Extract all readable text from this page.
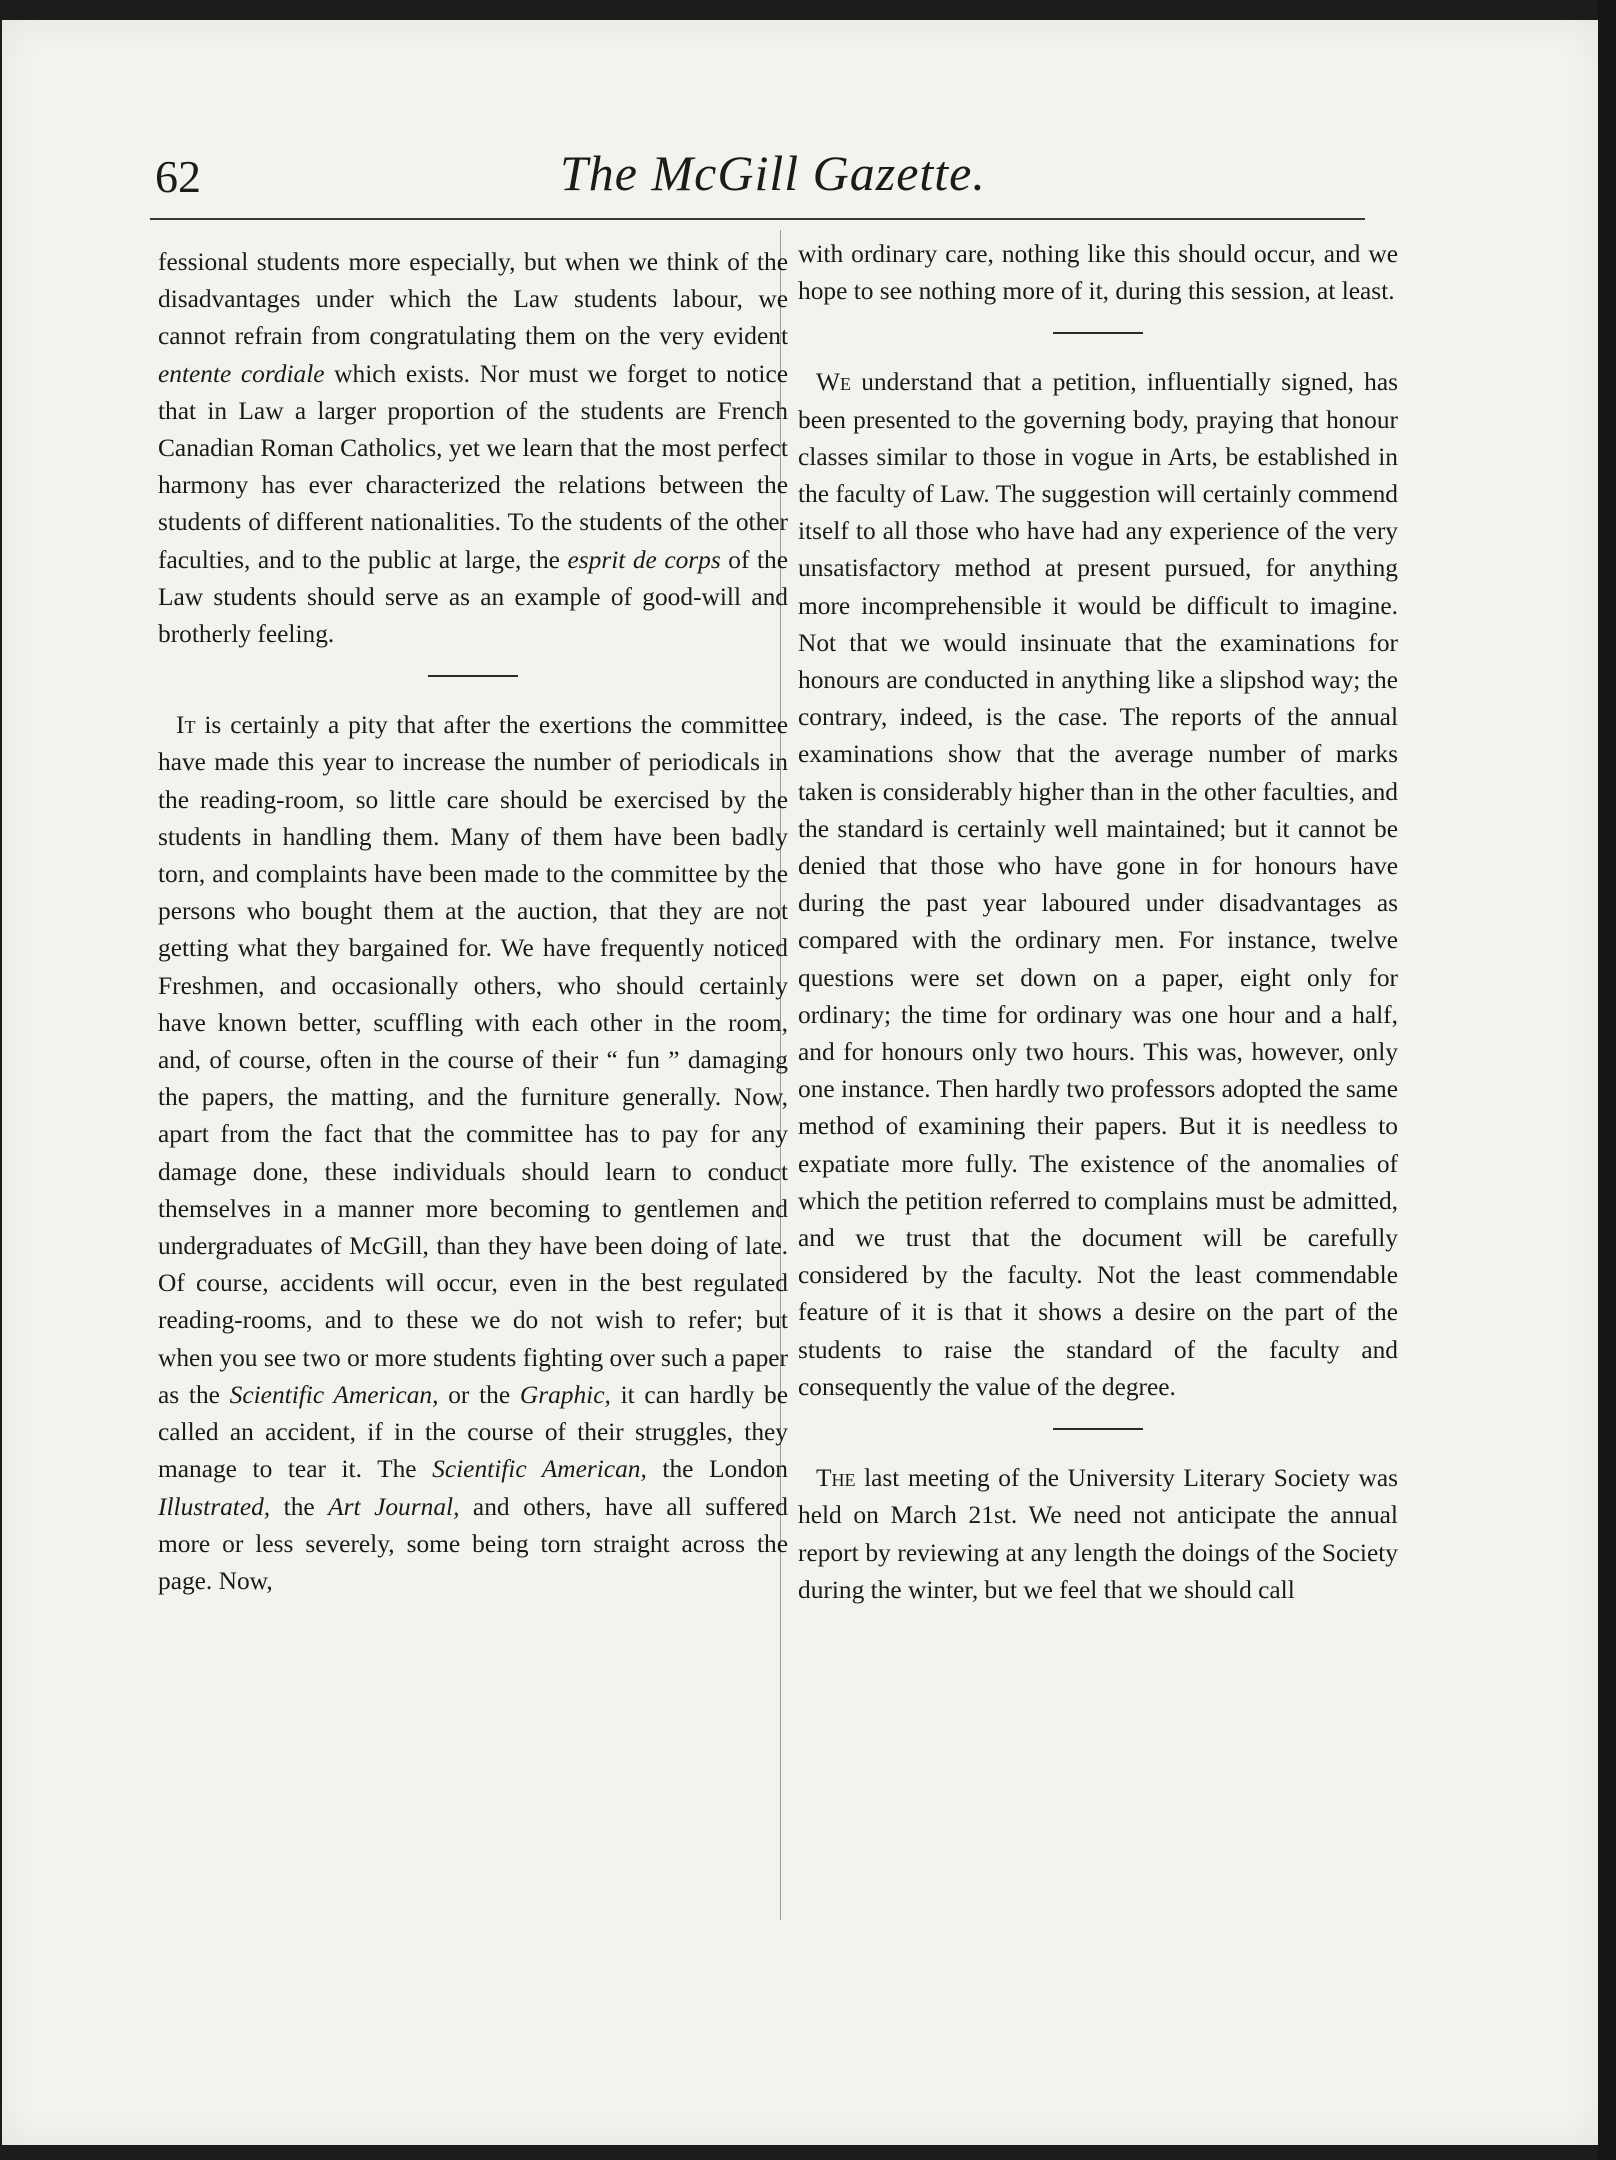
62	The McGill Gazette.

fessional students more especially, but when we think of the disadvantages under which the Law students labour, we cannot refrain from congratulating them on the very evident entente cordiale which exists. Nor must we forget to notice that in Law a larger proportion of the students are French Canadian Roman Catholics, yet we learn that the most perfect harmony has ever characterized the relations between the students of different nationalities. To the students of the other faculties, and to the public at large, the esprit de corps of the Law students should serve as an example of good-will and brotherly feeling.

It is certainly a pity that after the exertions the committee have made this year to increase the number of periodicals in the reading-room, so little care should be exercised by the students in handling them. Many of them have been badly torn, and complaints have been made to the committee by the persons who bought them at the auction, that they are not getting what they bargained for. We have frequently noticed Freshmen, and occasionally others, who should certainly have known better, scuffling with each other in the room, and, of course, often in the course of their “ fun ” damaging the papers, the matting, and the furniture generally. Now, apart from the fact that the committee has to pay for any damage done, these individuals should learn to conduct themselves in a manner more becoming to gentlemen and undergraduates of McGill, than they have been doing of late. Of course, accidents will occur, even in the best regulated reading-rooms, and to these we do not wish to refer; but when you see two or more students fighting over such a paper as the Scientific American, or the Graphic, it can hardly be called an accident, if in the course of their struggles, they manage to tear it. The Scientific American, the London Illustrated, the Art Journal, and others, have all suffered more or less severely, some being torn straight across the page. Now,

with ordinary care, nothing like this should occur, and we hope to see nothing more of it, during this session, at least.

We understand that a petition, influentially signed, has been presented to the governing body, praying that honour classes similar to those in vogue in Arts, be established in the faculty of Law. The suggestion will certainly commend itself to all those who have had any experience of the very unsatisfactory method at present pursued, for anything more incomprehensible it would be difficult to imagine. Not that we would insinuate that the examinations for honours are conducted in anything like a slipshod way; the contrary, indeed, is the case. The reports of the annual examinations show that the average number of marks taken is considerably higher than in the other faculties, and the standard is certainly well maintained; but it cannot be denied that those who have gone in for honours have during the past year laboured under disadvantages as compared with the ordinary men. For instance, twelve questions were set down on a paper, eight only for ordinary; the time for ordinary was one hour and a half, and for honours only two hours. This was, however, only one instance. Then hardly two professors adopted the same method of examining their papers. But it is needless to expatiate more fully. The existence of the anomalies of which the petition referred to complains must be admitted, and we trust that the document will be carefully considered by the faculty. Not the least commendable feature of it is that it shows a desire on the part of the students to raise the standard of the faculty and consequently the value of the degree.

The last meeting of the University Literary Society was held on March 21st. We need not anticipate the annual report by reviewing at any length the doings of the Society during the winter, but we feel that we should call
